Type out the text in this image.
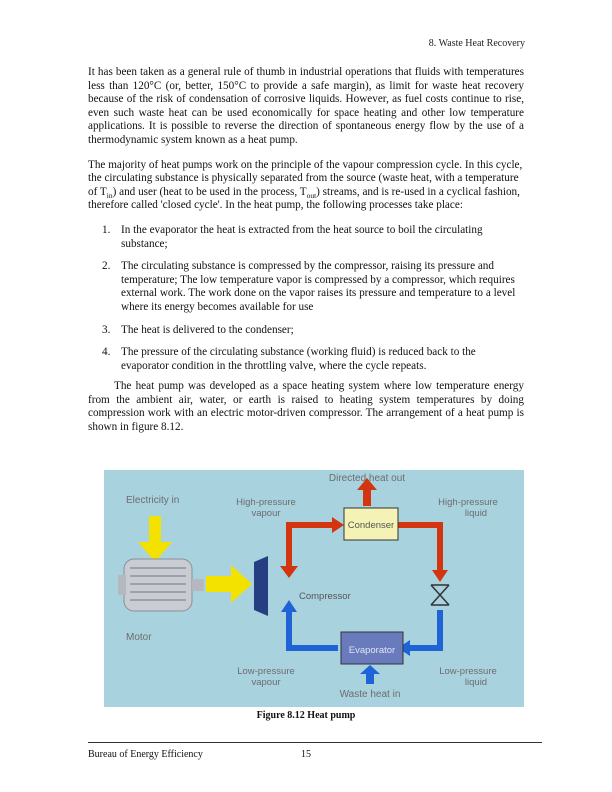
8. Waste Heat Recovery

It has been taken as a general rule of thumb in industrial operations that fluids with temperatures less than 120°C (or, better, 150°C to provide a safe margin), as limit for waste heat recovery because of the risk of condensation of corrosive liquids. However, as fuel costs continue to rise, even such waste heat can be used economically for space heating and other low temperature applications. It is possible to reverse the direction of spontaneous energy flow by the use of a thermodynamic system known as a heat pump.

The majority of heat pumps work on the principle of the vapour compression cycle. In this cycle, the circulating substance is physically separated from the source (waste heat, with a temperature of $T_{in}$) and user (heat to be used in the process, $T_{out}$) streams, and is re-used in a cyclical fashion, therefore called 'closed cycle'. In the heat pump, the following processes take place:

1. In the evaporator the heat is extracted from the heat source to boil the circulating substance;
2. The circulating substance is compressed by the compressor, raising its pressure and temperature; The low temperature vapor is compressed by a compressor, which requires external work. The work done on the vapor raises its pressure and temperature to a level where its energy becomes available for use
3. The heat is delivered to the condenser;
4. The pressure of the circulating substance (working fluid) is reduced back to the evaporator condition in the throttling valve, where the cycle repeats.

The heat pump was developed as a space heating system where low temperature energy from the ambient air, water, or earth is raised to heating system temperatures by doing compression work with an electric motor-driven compressor. The arrangement of a heat pump is shown in figure 8.12.

Electricity in
Directed heat out
High-pressure
vapour
High-pressure
liquid
Condenser
Compressor
Motor
Evaporator
Low-pressure
vapour
Low-pressure
liquid
Waste heat in
Figure 8.12 Heat pump
Bureau of Energy Efficiency	15
